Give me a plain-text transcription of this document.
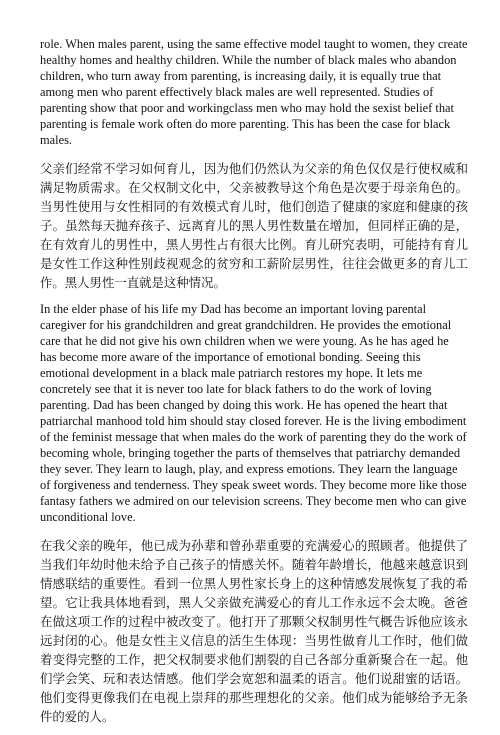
role. When males parent, using the same effective model taught to women, they create healthy homes and healthy children. While the number of black males who abandon children, who turn away from parenting, is increasing daily, it is equally true that among men who parent effectively black males are well represented. Studies of parenting show that poor and workingclass men who may hold the sexist belief that parenting is female work often do more parenting. This has been the case for black males.

父亲们经常不学习如何育儿，因为他们仍然认为父亲的角色仅仅是行使权威和满足物质需求。在父权制文化中，父亲被教导这个角色是次要于母亲角色的。当男性使用与女性相同的有效模式育儿时，他们创造了健康的家庭和健康的孩子。虽然每天抛弃孩子、远离育儿的黑人男性数量在增加，但同样正确的是，在有效育儿的男性中，黑人男性占有很大比例。育儿研究表明，可能持有育儿是女性工作这种性别歧视观念的贫穷和工薪阶层男性，往往会做更多的育儿工作。黑人男性一直就是这种情况。

In the elder phase of his life my Dad has become an important loving parental caregiver for his grandchildren and great grandchildren. He provides the emotional care that he did not give his own children when we were young. As he has aged he has become more aware of the importance of emotional bonding. Seeing this emotional development in a black male patriarch restores my hope. It lets me concretely see that it is never too late for black fathers to do the work of loving parenting. Dad has been changed by doing this work. He has opened the heart that patriarchal manhood told him should stay closed forever. He is the living embodiment of the feminist message that when males do the work of parenting they do the work of becoming whole, bringing together the parts of themselves that patriarchy demanded they sever. They learn to laugh, play, and express emotions. They learn the language of forgiveness and tenderness. They speak sweet words. They become more like those fantasy fathers we admired on our television screens. They become men who can give unconditional love.

在我父亲的晚年，他已成为孙辈和曾孙辈重要的充满爱心的照顾者。他提供了当我们年幼时他未给予自己孩子的情感关怀。随着年龄增长，他越来越意识到情感联结的重要性。看到一位黑人男性家长身上的这种情感发展恢复了我的希望。它让我具体地看到，黑人父亲做充满爱心的育儿工作永远不会太晚。爸爸在做这项工作的过程中被改变了。他打开了那颗父权制男性气概告诉他应该永远封闭的心。他是女性主义信息的活生生体现：当男性做育儿工作时，他们做着变得完整的工作，把父权制要求他们割裂的自己各部分重新聚合在一起。他们学会笑、玩和表达情感。他们学会宽恕和温柔的语言。他们说甜蜜的话语。他们变得更像我们在电视上崇拜的那些理想化的父亲。他们成为能够给予无条件的爱的人。
